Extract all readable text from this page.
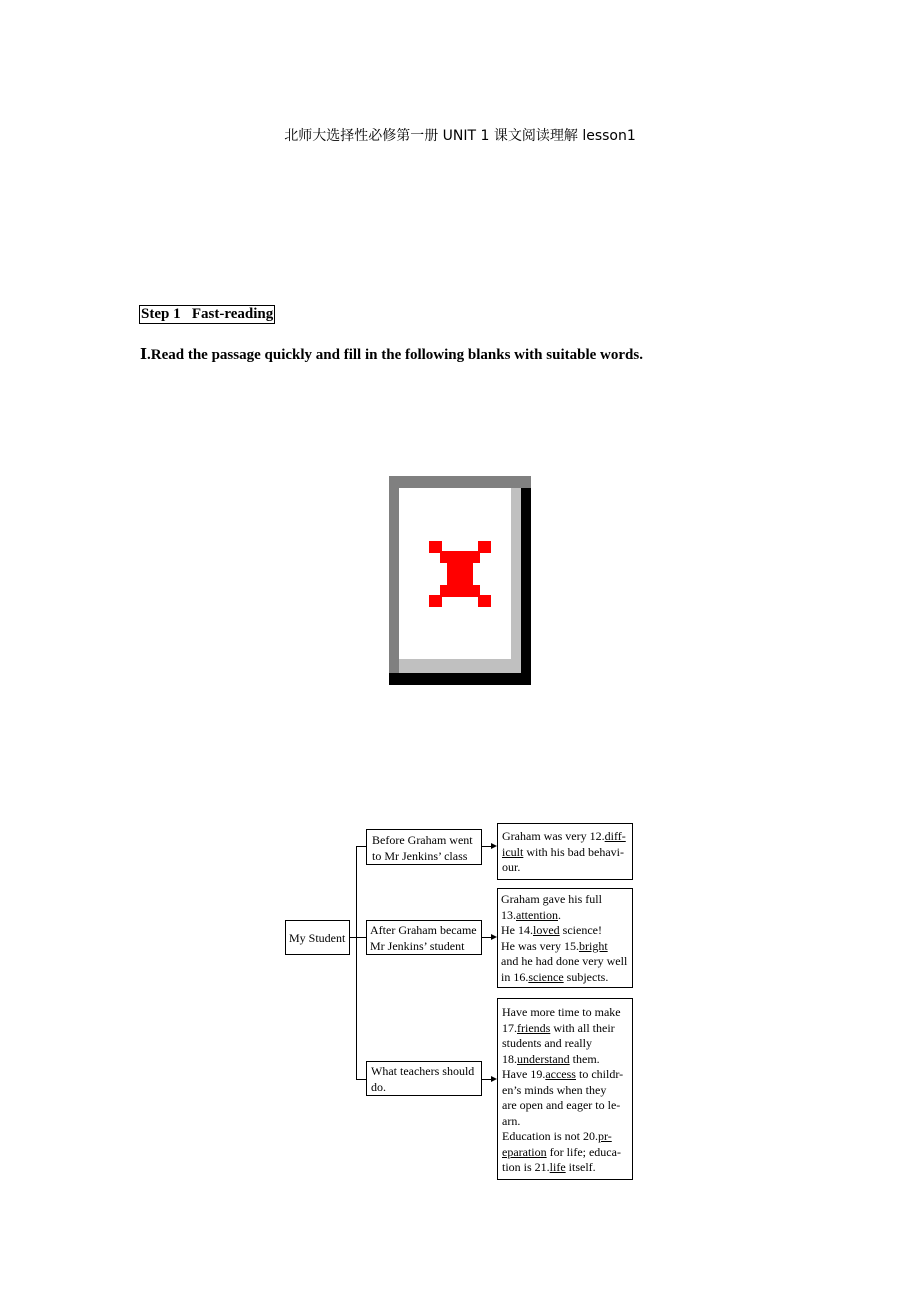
北师大选择性必修第一册 UNIT 1 课文阅读理解 lesson1
Step 1   Fast-reading
Ⅰ.Read the passage quickly and fill in the following blanks with suitable words.
My Student
Before Graham went
to Mr Jenkins’ class
After Graham became
Mr Jenkins’ student
What teachers should
do.
Graham was very 12.diff-
icult with his bad behavi-
our.
Graham gave his full
13.attention.
He 14.loved science!
He was very 15.bright
and he had done very well
in 16.science subjects.
Have more time to make
17.friends with all their
students and really
18.understand them.
Have 19.access to childr-
en’s minds when they
are open and eager to le-
arn.
Education is not 20.pr-
eparation for life; educa-
tion is 21.life itself.
